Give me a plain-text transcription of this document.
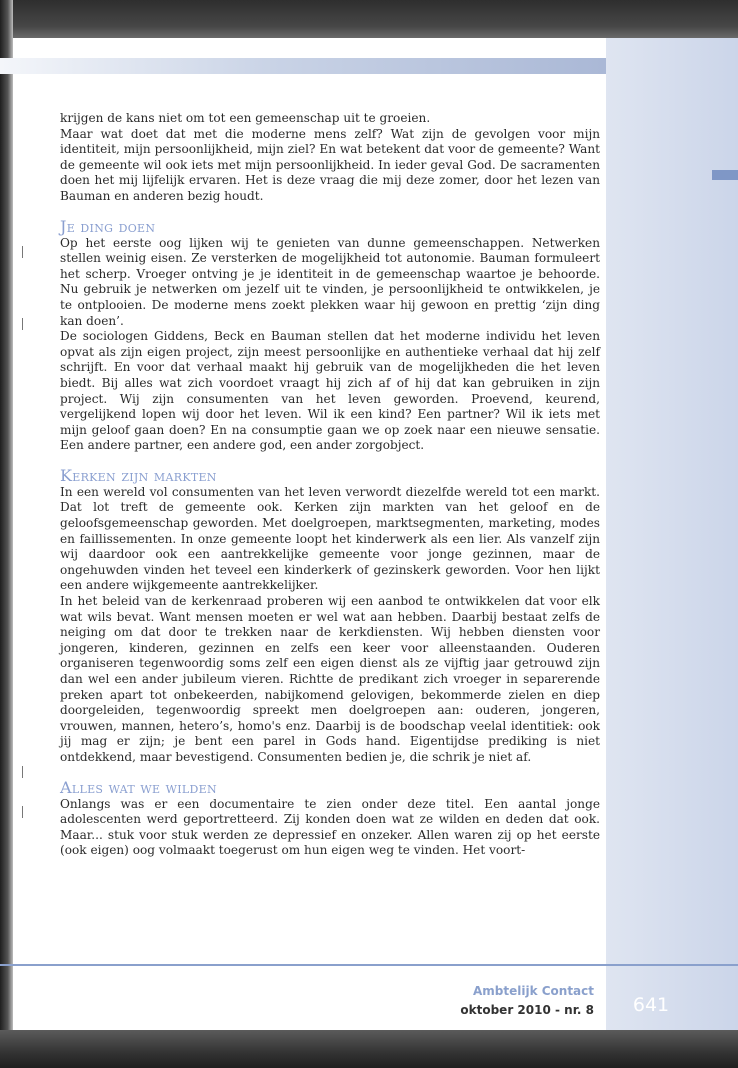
krijgen de kans niet om tot een gemeenschap uit te groeien.

Maar wat doet dat met die moderne mens zelf? Wat zijn de gevolgen voor mijn identiteit, mijn persoonlijkheid, mijn ziel? En wat betekent dat voor de gemeente? Want de gemeente wil ook iets met mijn persoonlijkheid. In ieder geval God. De sacramenten doen het mij lijfelijk ervaren. Het is deze vraag die mij deze zomer, door het lezen van Bauman en anderen bezig houdt.

Je ding doen

Op het eerste oog lijken wij te genieten van dunne gemeenschappen. Netwerken stellen weinig eisen. Ze versterken de mogelijkheid tot autonomie. Bauman formuleert het scherp. Vroeger ontving je je identiteit in de gemeenschap waartoe je behoorde. Nu gebruik je netwerken om jezelf uit te vinden, je persoonlijkheid te ontwikkelen, je te ontplooien. De moderne mens zoekt plekken waar hij gewoon en prettig ‘zijn ding kan doen’.

De sociologen Giddens, Beck en Bauman stellen dat het moderne individu het leven opvat als zijn eigen project, zijn meest persoonlijke en authentieke verhaal dat hij zelf schrijft. En voor dat verhaal maakt hij gebruik van de mogelijkheden die het leven biedt. Bij alles wat zich voordoet vraagt hij zich af of hij dat kan gebruiken in zijn project. Wij zijn consumenten van het leven geworden. Proevend, keurend, vergelijkend lopen wij door het leven. Wil ik een kind? Een partner? Wil ik iets met mijn geloof gaan doen? En na consumptie gaan we op zoek naar een nieuwe sensatie. Een andere partner, een andere god, een ander zorgobject.

Kerken zijn markten

In een wereld vol consumenten van het leven verwordt diezelfde wereld tot een markt. Dat lot treft de gemeente ook. Kerken zijn markten van het geloof en de geloofsgemeenschap geworden. Met doelgroepen, marktsegmenten, marketing, modes en faillissementen. In onze gemeente loopt het kinderwerk als een lier. Als vanzelf zijn wij daardoor ook een aantrekkelijke gemeente voor jonge gezinnen, maar de ongehuwden vinden het teveel een kinderkerk of gezinskerk geworden. Voor hen lijkt een andere wijkgemeente aantrekkelijker.

In het beleid van de kerkenraad proberen wij een aanbod te ontwikkelen dat voor elk wat wils bevat. Want mensen moeten er wel wat aan hebben. Daarbij bestaat zelfs de neiging om dat door te trekken naar de kerkdiensten. Wij hebben diensten voor jongeren, kinderen, gezinnen en zelfs een keer voor alleenstaanden. Ouderen organiseren tegenwoordig soms zelf een eigen dienst als ze vijftig jaar getrouwd zijn dan wel een ander jubileum vieren. Richtte de predikant zich vroeger in separerende preken apart tot onbekeerden, nabijkomend gelovigen, bekommerde zielen en diep doorgeleiden, tegenwoordig spreekt men doelgroepen aan: ouderen, jongeren, vrouwen, mannen, hetero’s, homo's enz. Daarbij is de boodschap veelal identitiek: ook jij mag er zijn; je bent een parel in Gods hand. Eigentijdse prediking is niet ontdekkend, maar bevestigend. Consumenten bedien je, die schrik je niet af.

Alles wat we wilden

Onlangs was er een documentaire te zien onder deze titel. Een aantal jonge adolescenten werd geportretteerd. Zij konden doen wat ze wilden en deden dat ook. Maar... stuk voor stuk werden ze depressief en onzeker. Allen waren zij op het eerste (ook eigen) oog volmaakt toegerust om hun eigen weg te vinden. Het voort-

Ambtelijk Contact
oktober 2010 - nr. 8	641
